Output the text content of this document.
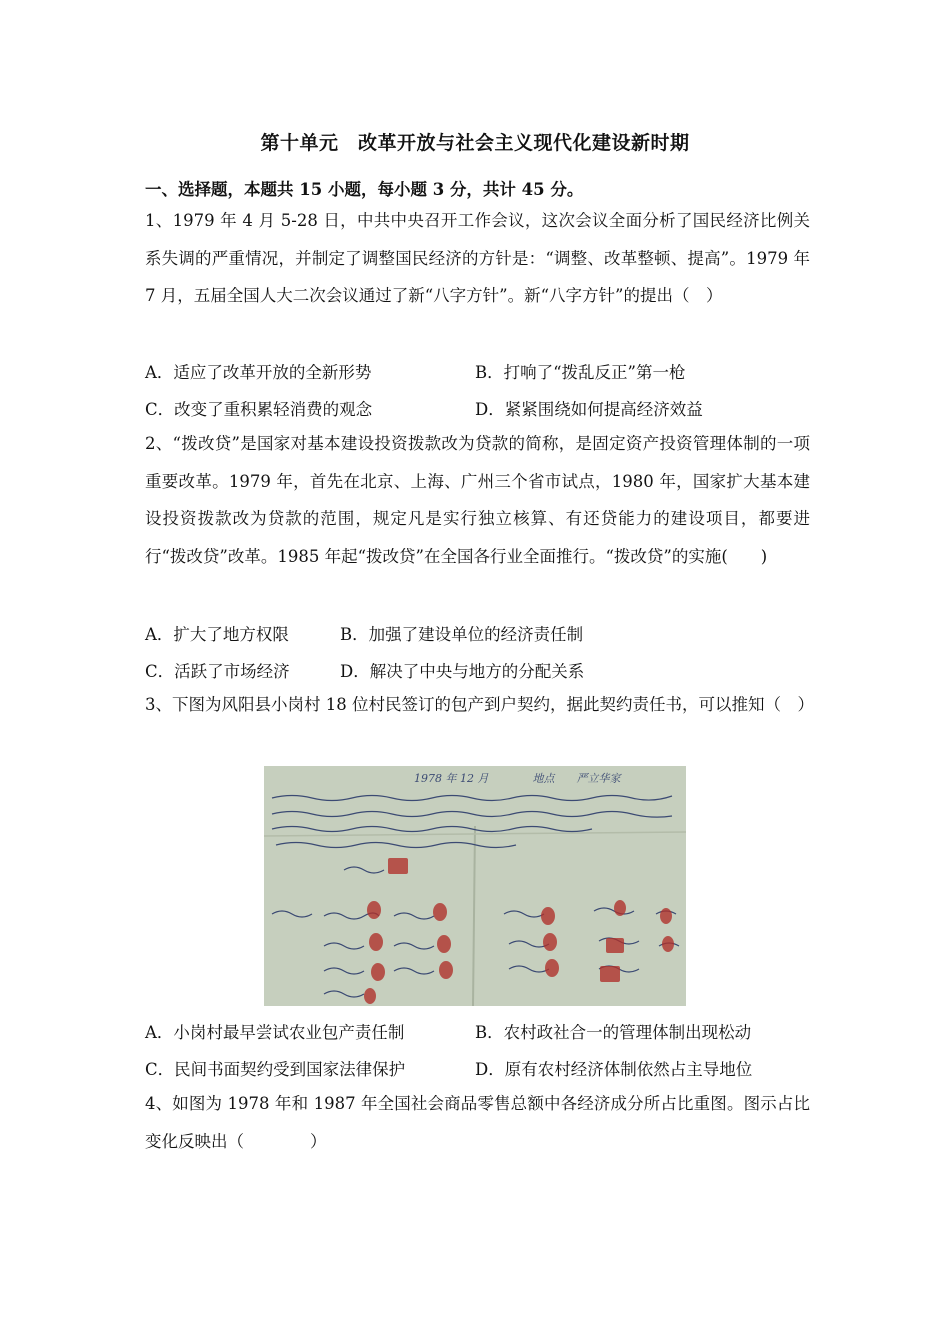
第十单元　改革开放与社会主义现代化建设新时期
一、选择题，本题共 15 小题，每小题 3 分，共计 45 分。
1、1979 年 4 月 5-28 日，中共中央召开工作会议，这次会议全面分析了国民经济比例关系失调的严重情况，并制定了调整国民经济的方针是：“调整、改革整顿、提高”。1979 年 7 月，五届全国人大二次会议通过了新“八字方针”。新“八字方针”的提出（　）
A．适应了改革开放的全新形势	B．打响了“拨乱反正”第一枪
C．改变了重积累轻消费的观念	D．紧紧围绕如何提高经济效益
2、“拨改贷”是国家对基本建设投资拨款改为贷款的简称，是固定资产投资管理体制的一项重要改革。1979 年，首先在北京、上海、广州三个省市试点，1980 年，国家扩大基本建设投资拨款改为贷款的范围，规定凡是实行独立核算、有还贷能力的建设项目，都要进行“拨改贷”改革。1985 年起“拨改贷”在全国各行业全面推行。“拨改贷”的实施(　　)
A．扩大了地方权限	B．加强了建设单位的经济责任制
C．活跃了市场经济	D．解决了中央与地方的分配关系
3、下图为风阳县小岗村 18 位村民签订的包产到户契约，据此契约责任书，可以推知（　）
1978 年 12 月　　　　地点　　严立华家
A．小岗村最早尝试农业包产责任制	B．农村政社合一的管理体制出现松动
C．民间书面契约受到国家法律保护	D．原有农村经济体制依然占主导地位
4、如图为 1978 年和 1987 年全国社会商品零售总额中各经济成分所占比重图。图示占比变化反映出（　　　　）
